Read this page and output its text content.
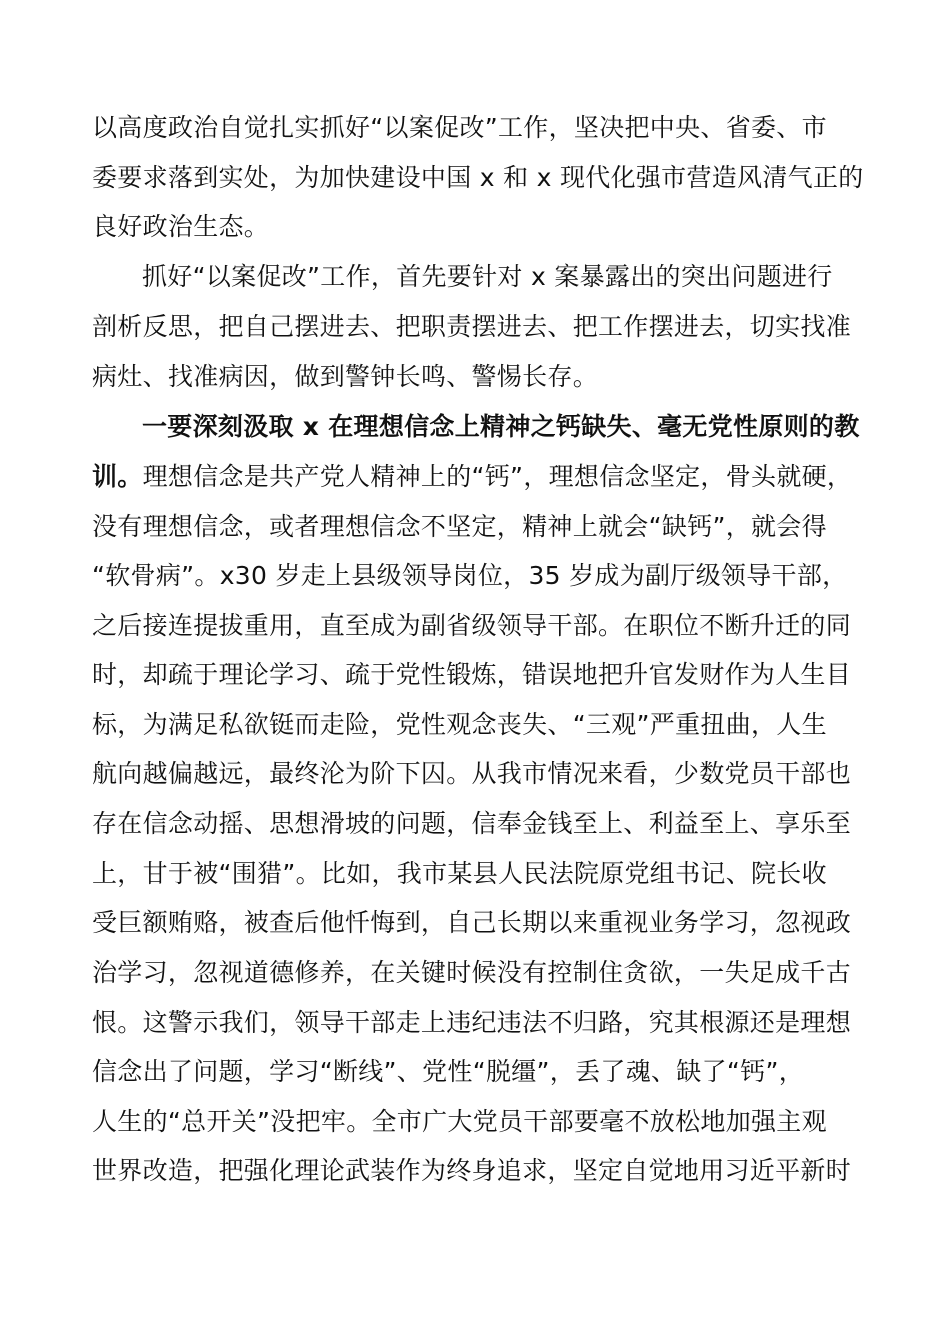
以高度政治自觉扎实抓好“以案促改”工作，坚决把中央、省委、市
委要求落到实处，为加快建设中国 x 和 x 现代化强市营造风清气正的
良好政治生态。
抓好“以案促改”工作，首先要针对 x 案暴露出的突出问题进行
剖析反思，把自己摆进去、把职责摆进去、把工作摆进去，切实找准
病灶、找准病因，做到警钟长鸣、警惕长存。
一要深刻汲取 x 在理想信念上精神之钙缺失、毫无党性原则的教
训。理想信念是共产党人精神上的“钙”，理想信念坚定，骨头就硬，
没有理想信念，或者理想信念不坚定，精神上就会“缺钙”，就会得
“软骨病”。x30 岁走上县级领导岗位，35 岁成为副厅级领导干部，
之后接连提拔重用，直至成为副省级领导干部。在职位不断升迁的同
时，却疏于理论学习、疏于党性锻炼，错误地把升官发财作为人生目
标，为满足私欲铤而走险，党性观念丧失、“三观”严重扭曲，人生
航向越偏越远，最终沦为阶下囚。从我市情况来看，少数党员干部也
存在信念动摇、思想滑坡的问题，信奉金钱至上、利益至上、享乐至
上，甘于被“围猎”。比如，我市某县人民法院原党组书记、院长收
受巨额贿赂，被查后他忏悔到，自己长期以来重视业务学习，忽视政
治学习，忽视道德修养，在关键时候没有控制住贪欲，一失足成千古
恨。这警示我们，领导干部走上违纪违法不归路，究其根源还是理想
信念出了问题，学习“断线”、党性“脱缰”，丢了魂、缺了“钙”，
人生的“总开关”没把牢。全市广大党员干部要毫不放松地加强主观
世界改造，把强化理论武装作为终身追求，坚定自觉地用习近平新时
